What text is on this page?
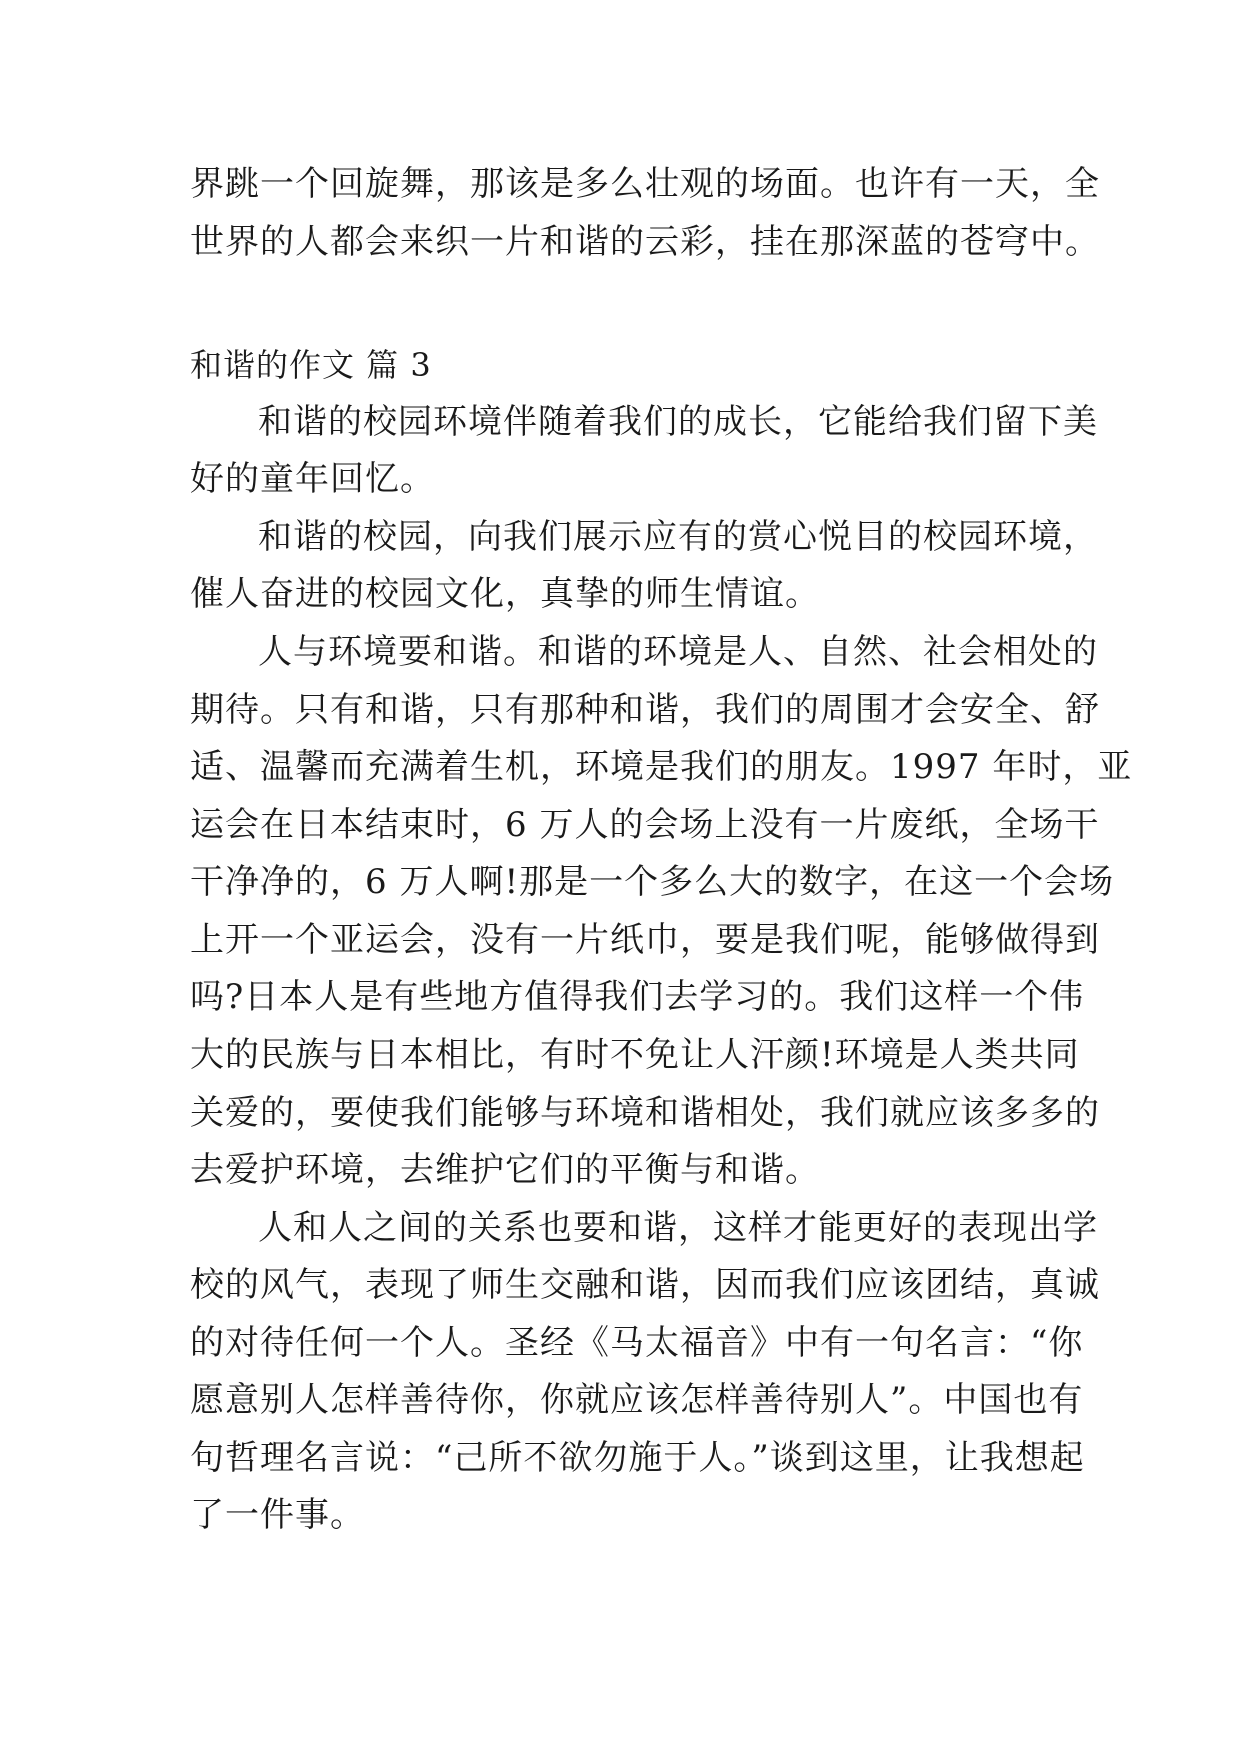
界跳一个回旋舞，那该是多么壮观的场面。也许有一天，全
世界的人都会来织一片和谐的云彩，挂在那深蓝的苍穹中。
和谐的作文 篇 3
和谐的校园环境伴随着我们的成长，它能给我们留下美
好的童年回忆。
和谐的校园，向我们展示应有的赏心悦目的校园环境，
催人奋进的校园文化，真挚的师生情谊。
人与环境要和谐。和谐的环境是人、自然、社会相处的
期待。只有和谐，只有那种和谐，我们的周围才会安全、舒
适、温馨而充满着生机，环境是我们的朋友。1997 年时，亚
运会在日本结束时，6 万人的会场上没有一片废纸，全场干
干净净的，6 万人啊!那是一个多么大的数字，在这一个会场
上开一个亚运会，没有一片纸巾，要是我们呢，能够做得到
吗?日本人是有些地方值得我们去学习的。我们这样一个伟
大的民族与日本相比，有时不免让人汗颜!环境是人类共同
关爱的，要使我们能够与环境和谐相处，我们就应该多多的
去爱护环境，去维护它们的平衡与和谐。
人和人之间的关系也要和谐，这样才能更好的表现出学
校的风气，表现了师生交融和谐，因而我们应该团结，真诚
的对待任何一个人。圣经《马太福音》中有一句名言：“你
愿意别人怎样善待你，你就应该怎样善待别人”。中国也有
句哲理名言说：“己所不欲勿施于人。”谈到这里，让我想起
了一件事。
